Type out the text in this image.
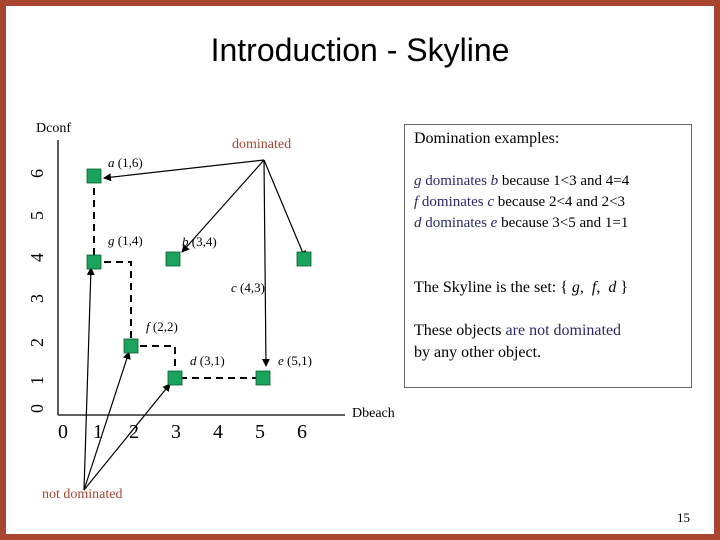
Introduction - Skyline
Domination examples:
g dominates b because 1<3 and 4=4
f dominates c because 2<4 and 2<3
d dominates e because 3<5 and 1=1
The Skyline is the set: { g,  f,  d }
These objects are not dominated
by any other object.
Dconf
Dbeach
0
1
2
3
4
5
6
0 1 2 3 4 5 6
dominated
not dominated
a (1,6)
g (1,4)	b (3,4)
c (4,3)
f (2,2)
d (3,1)	e (5,1)
15
